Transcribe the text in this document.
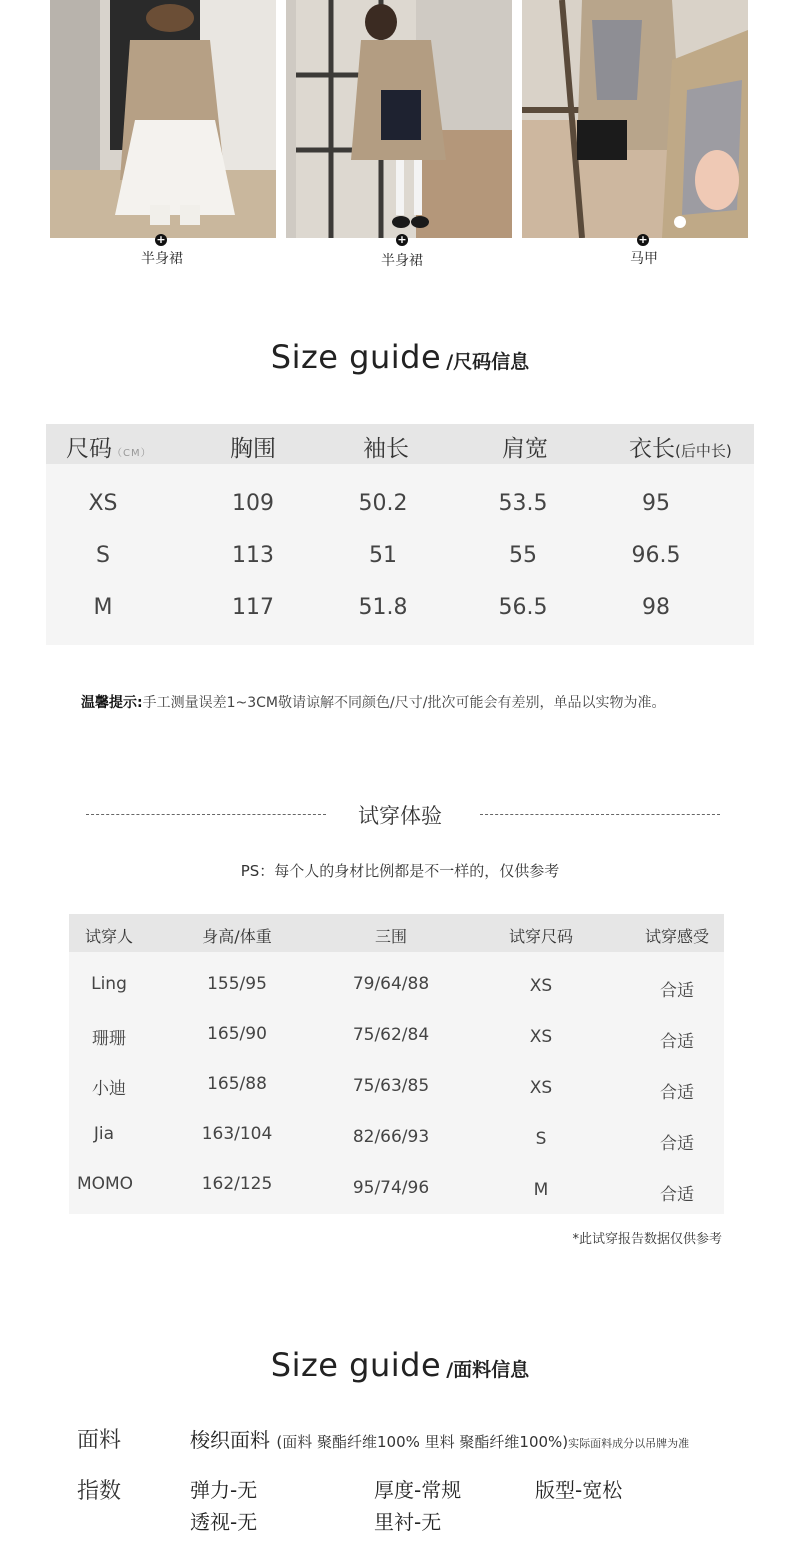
+	+	+
半身裙	半身裙	马甲
Size guide /尺码信息
尺码（CM）	胸围	袖长	肩宽	衣长(后中长)
XS	109	50.2	53.5	95
S	113	51	55	96.5
M	117	51.8	56.5	98
温馨提示:手工测量误差1~3CM敬请谅解不同颜色/尺寸/批次可能会有差别，单品以实物为准。
试穿体验
PS：每个人的身材比例都是不一样的，仅供参考
试穿人	身高/体重	三围	试穿尺码	试穿感受
Ling	155/95	79/64/88	XS	合适
珊珊	165/90	75/62/84	XS	合适
小迪	165/88	75/63/85	XS	合适
Jia	163/104	82/66/93	S	合适
MOMO	162/125	95/74/96	M	合适
*此试穿报告数据仅供参考
Size guide /面料信息
面料	梭织面料 (面料 聚酯纤维100% 里料 聚酯纤维100%)实际面料成分以吊牌为准
指数	弹力-无	厚度-常规	版型-宽松
透视-无	里衬-无
